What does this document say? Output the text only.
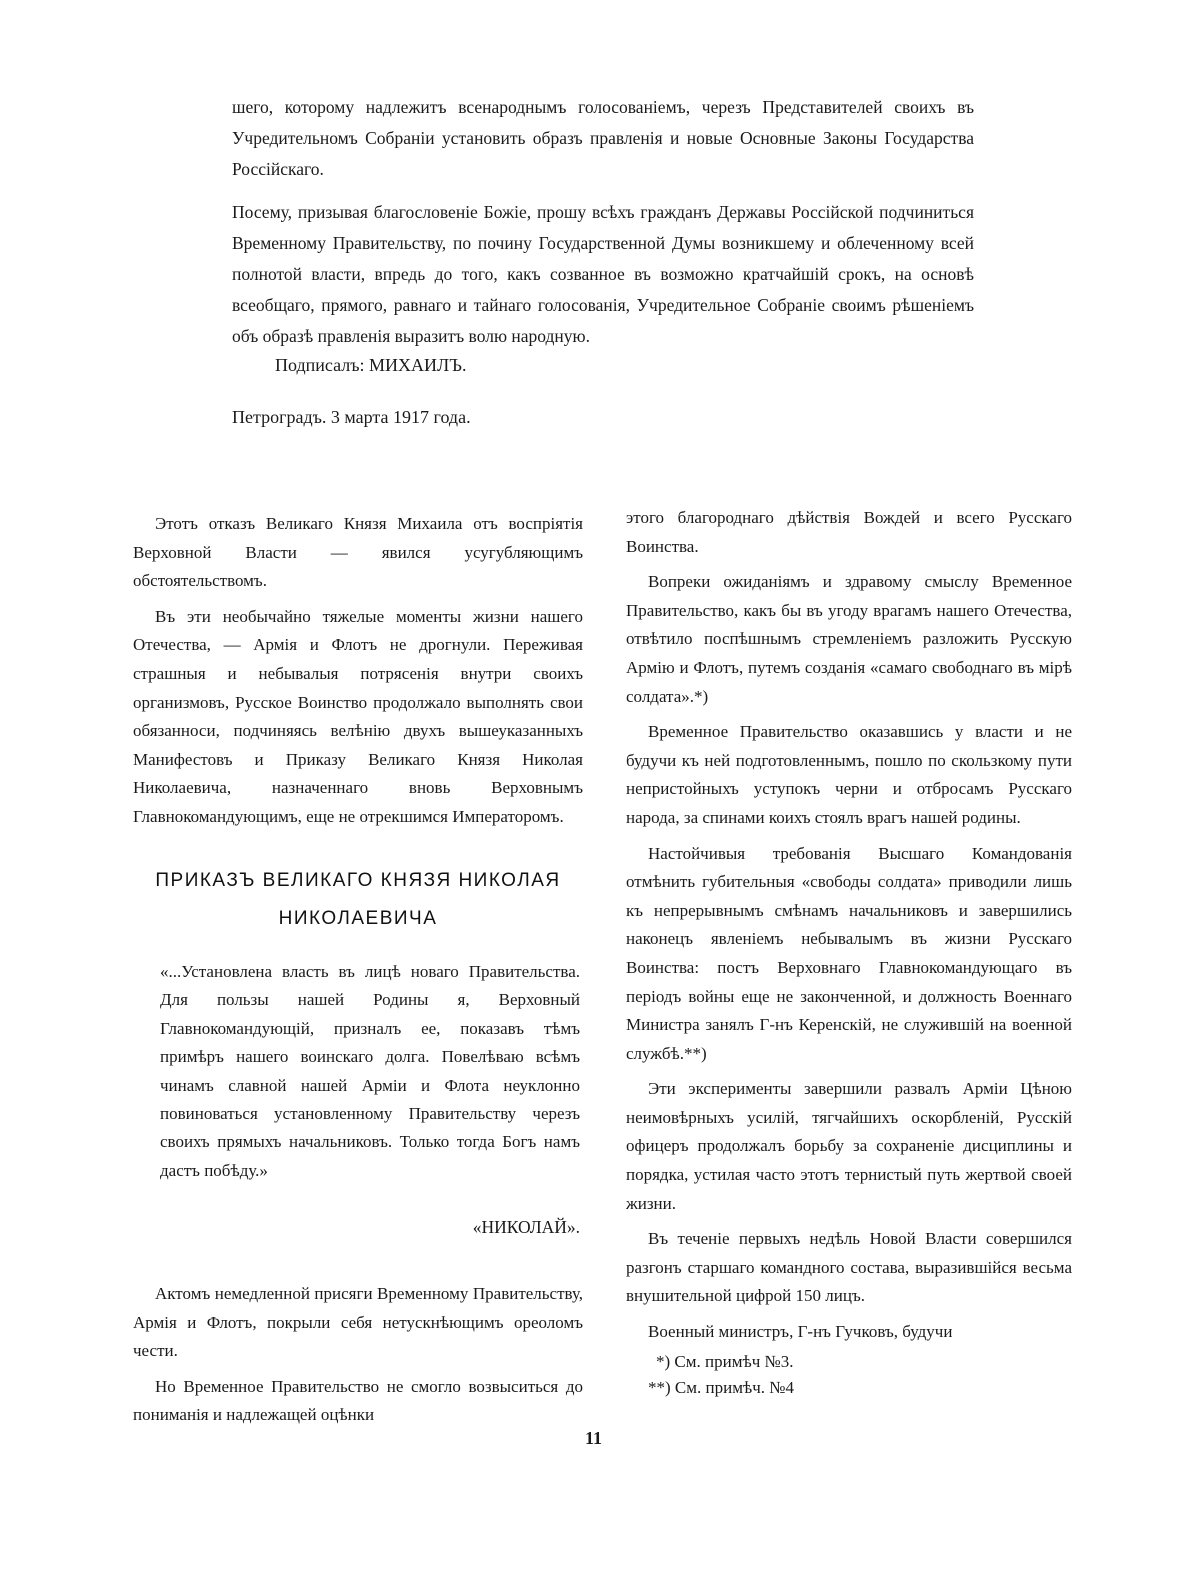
шего, которому надлежитъ всенароднымъ голосованіемъ, черезъ Представителей своихъ въ Учредительномъ Собраніи установить образъ правленія и новые Основные Законы Государства Россійскаго.

Посему, призывая благословеніе Божіе, прошу всѣхъ гражданъ Державы Россійской подчиниться Временному Правительству, по почину Государственной Думы возникшему и облеченному всей полнотой власти, впредь до того, какъ созванное въ возможно кратчайшій срокъ, на основѣ всеобщаго, прямого, равнаго и тайнаго голосованія, Учредительное Собраніе своимъ рѣшеніемъ объ образѣ правленія выразитъ волю народную.

Подписалъ: МИХАИЛЪ.
Петроградъ. 3 марта 1917 года.

Этотъ отказъ Великаго Князя Михаила отъ воспріятія Верховной Власти — явился усугубляющимъ обстоятельствомъ.

Въ эти необычайно тяжелые моменты жизни нашего Отечества, — Армія и Флотъ не дрогнули. Переживая страшныя и небывалыя потрясенія внутри своихъ организмовъ, Русское Воинство продолжало выполнять свои обязанноси, подчиняясь велѣнію двухъ вышеуказанныхъ Манифестовъ и Приказу Великаго Князя Николая Николаевича, назначеннаго вновь Верховнымъ Главнокомандующимъ, еще не отрекшимся Императоромъ.

ПРИКАЗЪ ВЕЛИКАГО КНЯЗЯ НИКОЛАЯ
НИКОЛАЕВИЧА
«...Установлена власть въ лицѣ новаго Правительства. Для пользы нашей Родины я, Верховный Главнокомандующій, призналъ ее, показавъ тѣмъ примѣръ нашего воинскаго долга. Повелѣваю всѣмъ чинамъ славной нашей Арміи и Флота неуклонно повиноваться установленному Правительству черезъ своихъ прямыхъ начальниковъ. Только тогда Богъ намъ дастъ побѣду.»
«НИКОЛАЙ».

Актомъ немедленной присяги Временному Правительству, Армія и Флотъ, покрыли себя нетускнѣющимъ ореоломъ чести.

Но Временное Правительство не смогло возвыситься до пониманія и надлежащей оцѣнки

этого благороднаго дѣйствія Вождей и всего Русскаго Воинства.

Вопреки ожиданіямъ и здравому смыслу Временное Правительство, какъ бы въ угоду врагамъ нашего Отечества, отвѣтило поспѣшнымъ стремленіемъ разложить Русскую Армію и Флотъ, путемъ созданія «самаго свободнаго въ мірѣ солдата».*)

Временное Правительство оказавшись у власти и не будучи къ ней подготовленнымъ, пошло по скользкому пути непристойныхъ уступокъ черни и отбросамъ Русскаго народа, за спинами коихъ стоялъ врагъ нашей родины.

Настойчивыя требованія Высшаго Командованія отмѣнить губительныя «свободы солдата» приводили лишь къ непрерывнымъ смѣнамъ начальниковъ и завершились наконецъ явленіемъ небывалымъ въ жизни Русскаго Воинства: постъ Верховнаго Главнокомандующаго въ періодъ войны еще не законченной, и должность Военнаго Министра занялъ Г-нъ Керенскій, не служившій на военной службѣ.**)

Эти эксперименты завершили развалъ Арміи Цѣною неимовѣрныхъ усилій, тягчайшихъ оскорбленій, Русскій офицеръ продолжалъ борьбу за сохраненіе дисциплины и порядка, устилая часто этотъ тернистый путь жертвой своей жизни.

Въ теченіе первыхъ недѣль Новой Власти совершился разгонъ старшаго командного состава, выразившійся весьма внушительной цифрой 150 лицъ.

Военный министръ, Г-нъ Гучковъ, будучи

*) См. примѣч №3.
**) См. примѣч. №4
11
